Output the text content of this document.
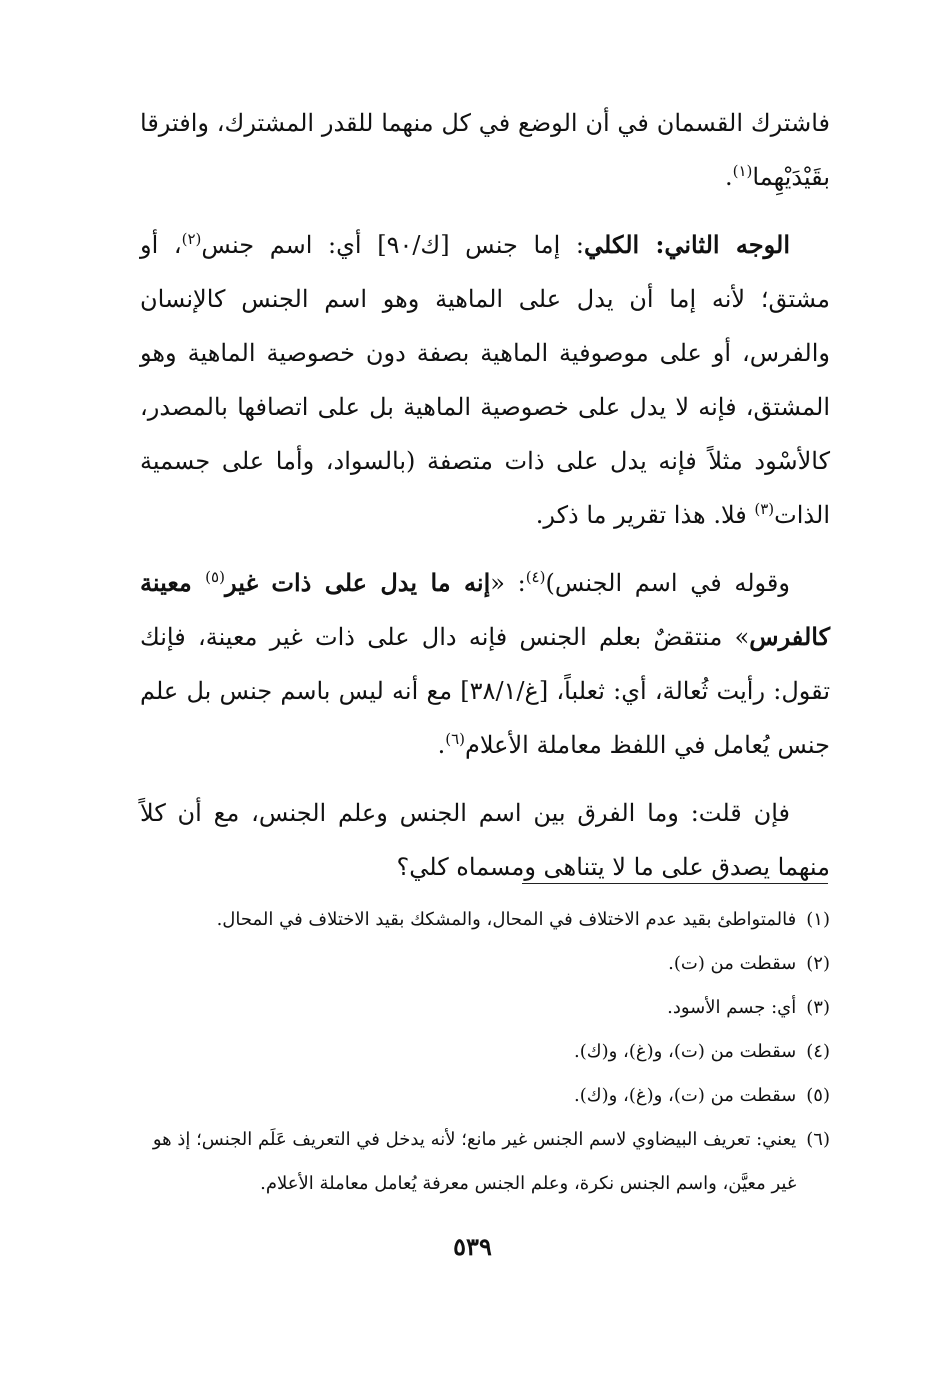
فاشترك القسمان في أن الوضع في كل منهما للقدر المشترك، وافترقا بقَيْدَيْهِما$^{(١)}$.

الوجه الثاني: الكلي: إما جنس [ك/٩٠] أي: اسم جنس$^{(٢)}$، أو مشتق؛ لأنه إما أن يدل على الماهية وهو اسم الجنس كالإنسان والفرس، أو على موصوفية الماهية بصفة دون خصوصية الماهية وهو المشتق، فإنه لا يدل على خصوصية الماهية بل على اتصافها بالمصدر، كالأسْود مثلاً فإنه يدل على ذات متصفة (بالسواد، وأما على جسمية الذات$^{(٣)}$ فلا. هذا تقرير ما ذكر.

وقوله في اسم الجنس)$^{(٤)}$: «إنه ما يدل على ذات غير$^{(٥)}$ معينة كالفرس» منتقضٌ بعلم الجنس فإنه دال على ذات غير معينة، فإنك تقول: رأيت ثُعالة، أي: ثعلباً، [غ/٣٨/١] مع أنه ليس باسم جنس بل علم جنس يُعامل في اللفظ معاملة الأعلام$^{(٦)}$.

فإن قلت: وما الفرق بين اسم الجنس وعلم الجنس، مع أن كلاً منهما يصدق على ما لا يتناهى ومسماه كلي؟

(١)
فالمتواطئ بقيد عدم الاختلاف في المحال، والمشكك بقيد الاختلاف في المحال.
(٢)
سقطت من (ت).
(٣)
أي: جسم الأسود.
(٤)
سقطت من (ت)، و(غ)، و(ك).
(٥)
سقطت من (ت)، و(غ)، و(ك).
(٦)
يعني: تعريف البيضاوي لاسم الجنس غير مانع؛ لأنه يدخل في التعريف عَلَم الجنس؛ إذ هو غير معيَّن، واسم الجنس نكرة، وعلم الجنس معرفة يُعامل معاملة الأعلام.
٥٣٩
